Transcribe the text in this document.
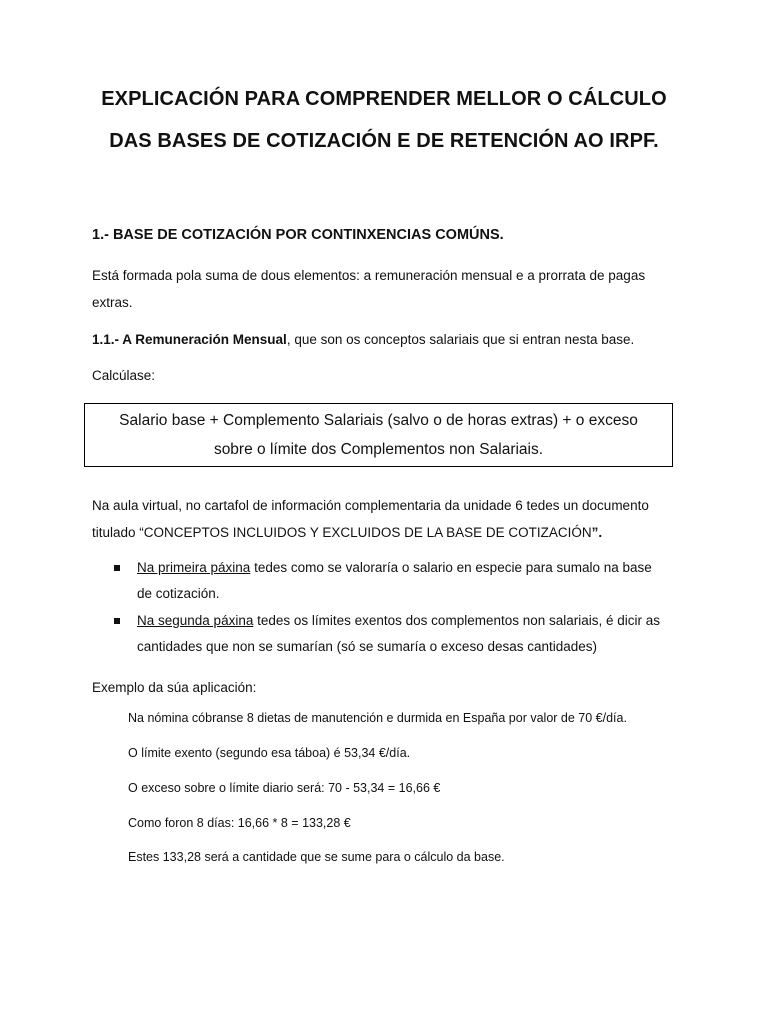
EXPLICACIÓN PARA COMPRENDER MELLOR O CÁLCULO
DAS BASES DE COTIZACIÓN E DE RETENCIÓN AO IRPF.
1.- BASE DE COTIZACIÓN POR CONTINXENCIAS COMÚNS.
Está formada pola suma de dous elementos: a remuneración mensual e a prorrata de pagas extras.
1.1.- A Remuneración Mensual, que son os conceptos salariais que si entran nesta base.
Calcúlase:
Salario base + Complemento Salariais (salvo o de horas extras) + o exceso
sobre o límite dos Complementos non Salariais.
Na aula virtual, no cartafol de información complementaria da unidade 6 tedes un documento titulado “CONCEPTOS INCLUIDOS Y EXCLUIDOS DE LA BASE DE COTIZACIÓN”.
Na primeira páxina tedes como se valoraría o salario en especie para sumalo na base de cotización.
Na segunda páxina tedes os límites exentos dos complementos non salariais, é dicir as cantidades que non se sumarían (só se sumaría o exceso desas cantidades)
Exemplo da súa aplicación:
Na nómina cóbranse 8 dietas de manutención e durmida en España por valor de 70 €/día.
O límite exento (segundo esa táboa) é 53,34 €/día.
O exceso sobre o límite diario será: 70 - 53,34 = 16,66 €
Como foron 8 días: 16,66 * 8 = 133,28 €
Estes 133,28 será a cantidade que se sume para o cálculo da base.
